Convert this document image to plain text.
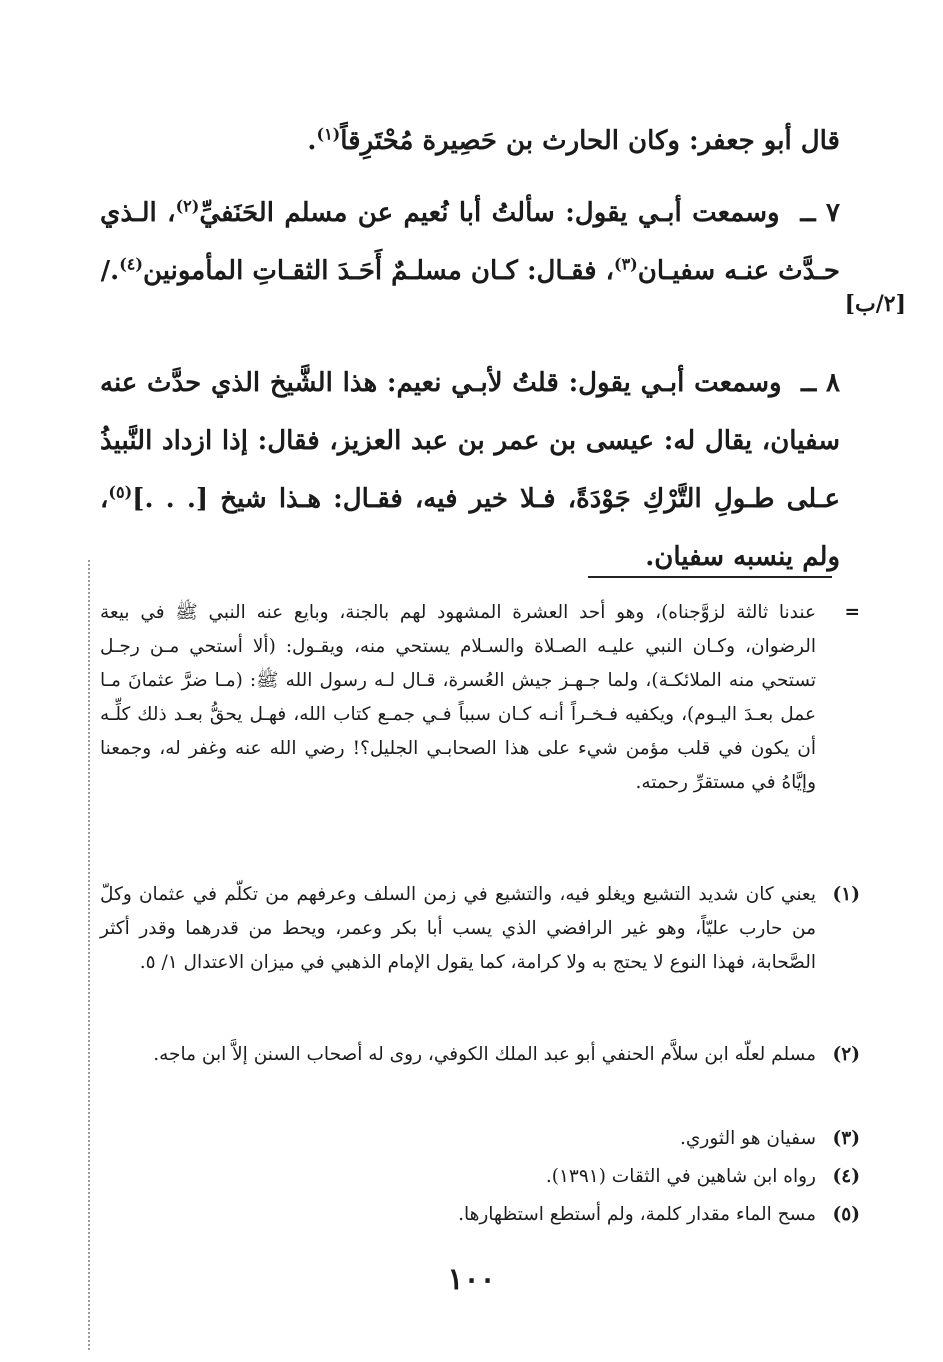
قال أبو جعفر: وكان الحارث بن حَصِيرة مُحْتَرِقاً$^{(١)}$.

٧ ــ  وسمعت أبـي يقول: سألتُ أبا نُعيم عن مسلم الحَنَفيِّ$^{(٢)}$، الـذي حـدَّث عنـه سفيـان$^{(٣)}$، فقـال: كـان مسلـمٌ أَحَـدَ الثقـاتِ المأمونين$^{(٤)}$./

[٢/ب]

٨ ــ  وسمعت أبـي يقول: قلتُ لأبـي نعيم: هذا الشَّيخ الذي حدَّث عنه سفيان، يقال له: عيسى بن عمر بن عبد العزيز، فقال: إذا ازداد النَّبيذُ عـلى طـولِ التَّرْكِ جَوْدَةً، فـلا خير فيه، فقـال: هـذا شيخ [. . .]$^{(٥)}$، ولم ينسبه سفيان.

=
عندنا ثالثة لزوَّجناه)، وهو أحد العشرة المشهود لهم بالجنة، وبايع عنه النبي ﷺ في بيعة الرضوان، وكـان النبي عليـه الصـلاة والسـلام يستحي منه، ويقـول: (ألا أستحي مـن رجـل تستحي منه الملائكـة)، ولما جـهـز جيش العُسرة، قـال لـه رسول الله ﷺ: (مـا ضرَّ عثمانَ مـا عمل بعـدَ اليـوم)، ويكفيه فـخـراً أنـه كـان سبباً فـي جمـع كتاب الله، فهـل يحقُّ بعـد ذلك كلِّـه أن يكون في قلب مؤمن شيء على هذا الصحابـي الجليل؟! رضي الله عنه وغفر له، وجمعنا وإيَّاهُ في مستقرِّ رحمته.
(١)
يعني كان شديد التشيع ويغلو فيه، والتشيع في زمن السلف وعرفهم من تكلّم في عثمان وكلّ من حارب عليّاً، وهو غير الرافضي الذي يسب أبا بكر وعمر، ويحط من قدرهما وقدر أكثر الصَّحابة، فهذا النوع لا يحتج به ولا كرامة، كما يقول الإمام الذهبي في ميزان الاعتدال ١/ ٥.
(٢)
مسلم لعلّه ابن سلاَّم الحنفي أبو عبد الملك الكوفي، روى له أصحاب السنن إلاَّ ابن ماجه.
(٣)
سفيان هو الثوري.
(٤)
رواه ابن شاهين في الثقات (١٣٩١).
(٥)
مسح الماء مقدار كلمة، ولم أستطع استظهارها.
١٠٠
